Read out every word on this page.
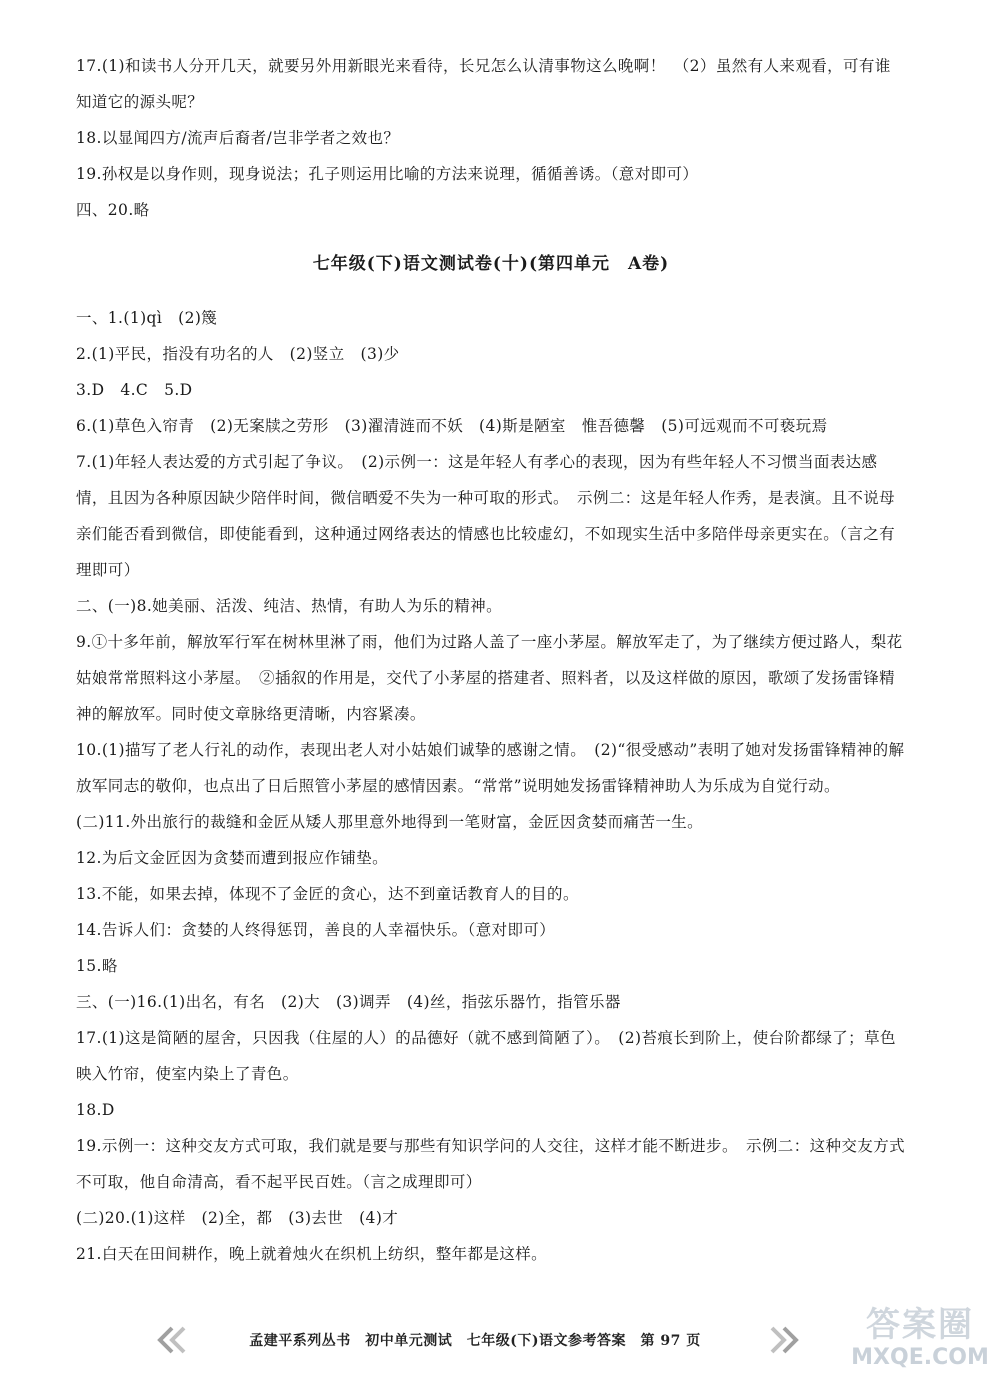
17.(1)和读书人分开几天，就要另外用新眼光来看待，长兄怎么认清事物这么晚啊！　（2）虽然有人来观看，可有谁知道它的源头呢？

18.以显闻四方/流声后裔者/岂非学者之效也？

19.孙权是以身作则，现身说法；孔子则运用比喻的方法来说理，循循善诱。（意对即可）

四、20.略

七年级(下)语文测试卷(十)(第四单元　A卷)

一、1.(1)qì　(2)篾

2.(1)平民，指没有功名的人　(2)竖立　(3)少

3.D　4.C　5.D

6.(1)草色入帘青　(2)无案牍之劳形　(3)濯清涟而不妖　(4)斯是陋室　惟吾德馨　(5)可远观而不可亵玩焉

7.(1)年轻人表达爱的方式引起了争议。　(2)示例一：这是年轻人有孝心的表现，因为有些年轻人不习惯当面表达感情，且因为各种原因缺少陪伴时间，微信晒爱不失为一种可取的形式。　示例二：这是年轻人作秀，是表演。且不说母亲们能否看到微信，即使能看到，这种通过网络表达的情感也比较虚幻，不如现实生活中多陪伴母亲更实在。（言之有理即可）

二、(一)8.她美丽、活泼、纯洁、热情，有助人为乐的精神。

9.①十多年前，解放军行军在树林里淋了雨，他们为过路人盖了一座小茅屋。解放军走了，为了继续方便过路人，梨花姑娘常常照料这小茅屋。　②插叙的作用是，交代了小茅屋的搭建者、照料者，以及这样做的原因，歌颂了发扬雷锋精神的解放军。同时使文章脉络更清晰，内容紧凑。

10.(1)描写了老人行礼的动作，表现出老人对小姑娘们诚挚的感谢之情。　(2)“很受感动”表明了她对发扬雷锋精神的解放军同志的敬仰，也点出了日后照管小茅屋的感情因素。“常常”说明她发扬雷锋精神助人为乐成为自觉行动。

(二)11.外出旅行的裁缝和金匠从矮人那里意外地得到一笔财富，金匠因贪婪而痛苦一生。

12.为后文金匠因为贪婪而遭到报应作铺垫。

13.不能，如果去掉，体现不了金匠的贪心，达不到童话教育人的目的。

14.告诉人们：贪婪的人终得惩罚，善良的人幸福快乐。（意对即可）

15.略

三、(一)16.(1)出名，有名　(2)大　(3)调弄　(4)丝，指弦乐器竹，指管乐器

17.(1)这是简陋的屋舍，只因我（住屋的人）的品德好（就不感到简陋了）。　(2)苔痕长到阶上，使台阶都绿了；草色映入竹帘，使室内染上了青色。

18.D

19.示例一：这种交友方式可取，我们就是要与那些有知识学问的人交往，这样才能不断进步。　示例二：这种交友方式不可取，他自命清高，看不起平民百姓。（言之成理即可）

(二)20.(1)这样　(2)全，都　(3)去世　(4)才

21.白天在田间耕作，晚上就着烛火在织机上纺织，整年都是这样。

孟建平系列丛书　初中单元测试　七年级(下)语文参考答案　第 97 页	答案圈
MXQE.COM
